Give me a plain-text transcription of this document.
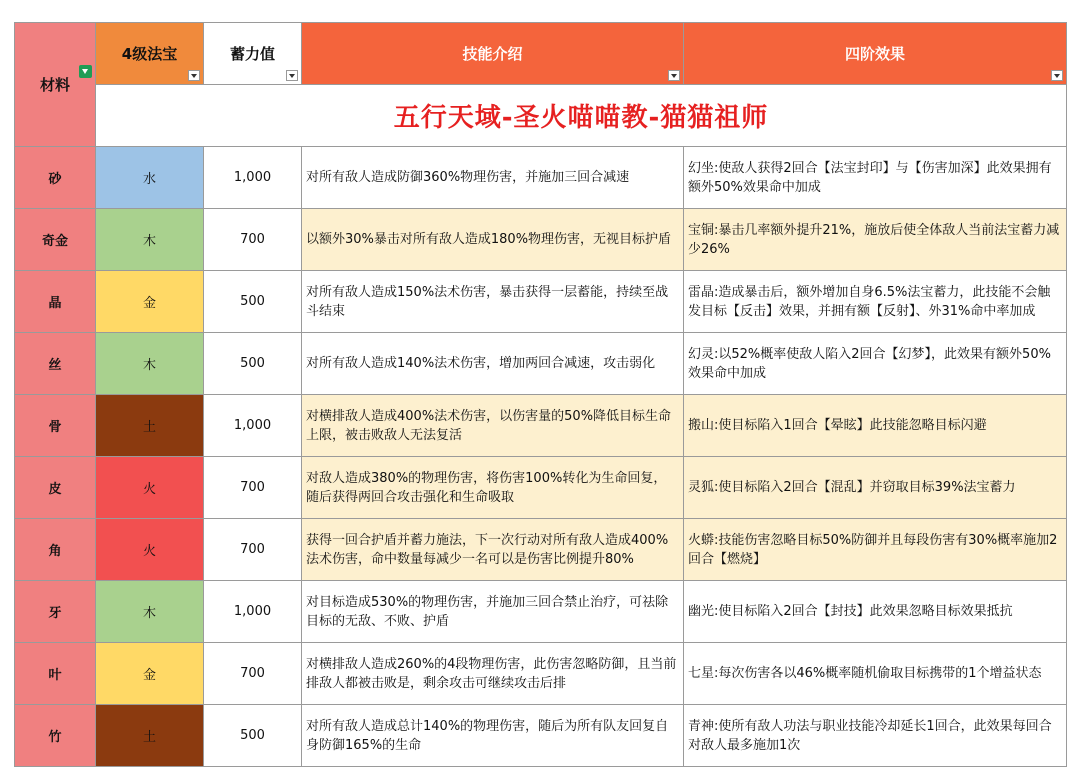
材料	4级法宝	蓄力值	技能介绍	四阶效果

	五行天域-圣火喵喵教-猫猫祖师			
砂	水	1,000	对所有敌人造成防御360%物理伤害，并施加三回合减速	幻坐:使敌人获得2回合【法宝封印】与【伤害加深】此效果拥有额外50%效果命中加成
奇金	木	700	以额外30%暴击对所有敌人造成180%物理伤害，无视目标护盾	宝铜:暴击几率额外提升21%，施放后使全体敌人当前法宝蓄力减少26%
晶	金	500	对所有敌人造成150%法术伤害，暴击获得一层蓄能，持续至战斗结束	雷晶:造成暴击后，额外增加自身6.5%法宝蓄力，此技能不会触发目标【反击】效果，并拥有额【反射】、外31%命中率加成
丝	木	500	对所有敌人造成140%法术伤害，增加两回合减速，攻击弱化	幻灵:以52%概率使敌人陷入2回合【幻梦】，此效果有额外50%效果命中加成
骨	土	1,000	对横排敌人造成400%法术伤害，以伤害量的50%降低目标生命上限，被击败敌人无法复活	搬山:使目标陷入1回合【晕眩】此技能忽略目标闪避
皮	火	700	对敌人造成380%的物理伤害，将伤害100%转化为生命回复，随后获得两回合攻击强化和生命吸取	灵狐:使目标陷入2回合【混乱】并窃取目标39%法宝蓄力
角	火	700	获得一回合护盾并蓄力施法，下一次行动对所有敌人造成400%法术伤害，命中数量每减少一名可以是伤害比例提升80%	火蟒:技能伤害忽略目标50%防御并且每段伤害有30%概率施加2回合【燃烧】
牙	木	1,000	对目标造成530%的物理伤害，并施加三回合禁止治疗，可祛除目标的无敌、不败、护盾	幽光:使目标陷入2回合【封技】此效果忽略目标效果抵抗
叶	金	700	对横排敌人造成260%的4段物理伤害，此伤害忽略防御，且当前排敌人都被击败是，剩余攻击可继续攻击后排	七星:每次伤害各以46%概率随机偷取目标携带的1个增益状态
竹	土	500	对所有敌人造成总计140%的物理伤害，随后为所有队友回复自身防御165%的生命	青神:使所有敌人功法与职业技能冷却延长1回合，此效果每回合对敌人最多施加1次
